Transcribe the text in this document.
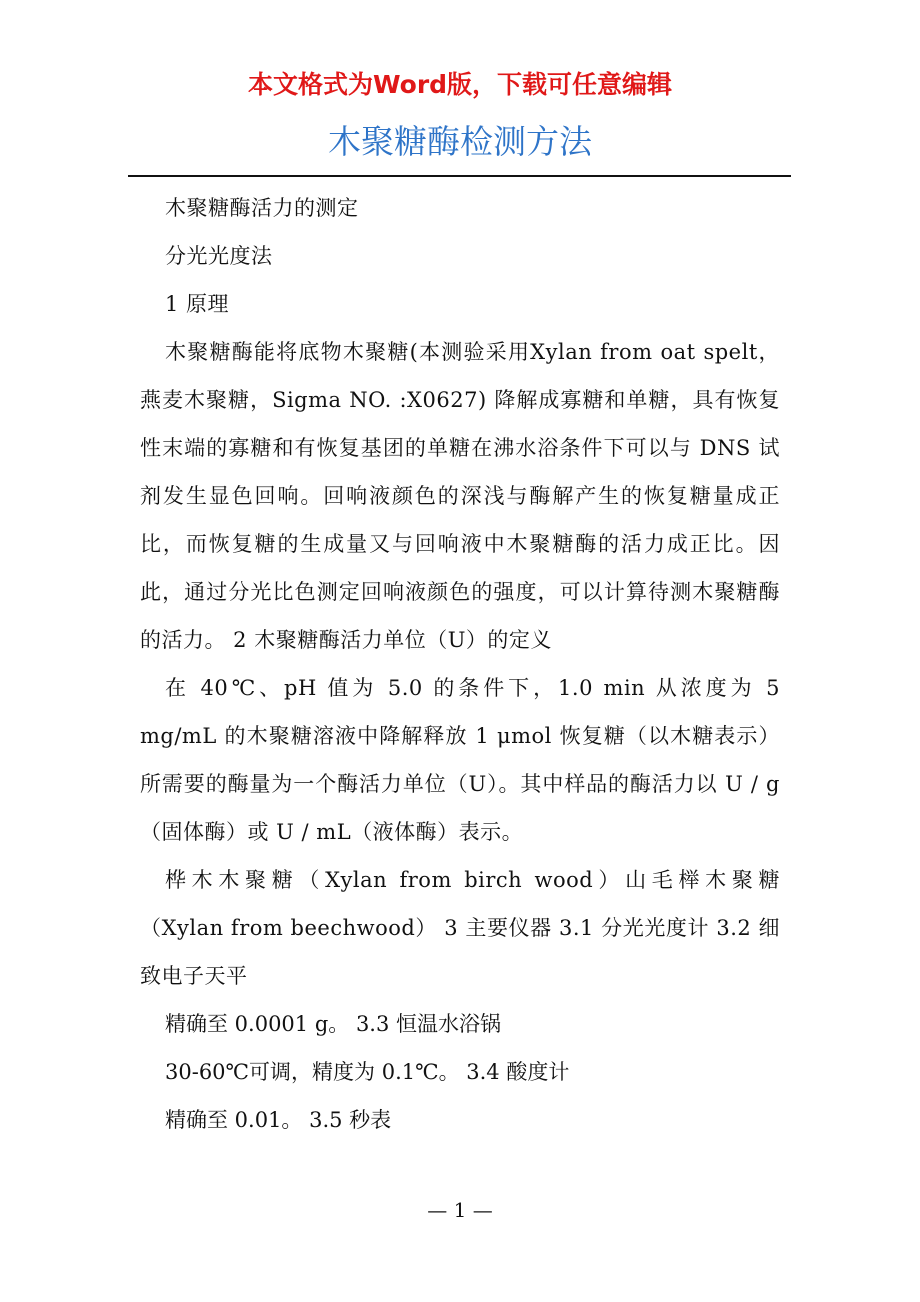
本文格式为Word版，下载可任意编辑
木聚糖酶检测方法

木聚糖酶活力的测定

分光光度法

1 原理

木聚糖酶能将底物木聚糖(本测验采用Xylan from oat spelt，燕麦木聚糖，Sigma NO. :X0627) 降解成寡糖和单糖，具有恢复性末端的寡糖和有恢复基团的单糖在沸水浴条件下可以与 DNS 试剂发生显色回响。回响液颜色的深浅与酶解产生的恢复糖量成正比，而恢复糖的生成量又与回响液中木聚糖酶的活力成正比。因此，通过分光比色测定回响液颜色的强度，可以计算待测木聚糖酶的活力。 2 木聚糖酶活力单位（U）的定义

在 40℃、pH 值为 5.0 的条件下，1.0 min 从浓度为 5 mg/mL 的木聚糖溶液中降解释放 1 μmol 恢复糖（以木糖表示）所需要的酶量为一个酶活力单位（U）。其中样品的酶活力以 U / g（固体酶）或 U / mL（液体酶）表示。

桦木木聚糖（Xylan from birch wood）山毛榉木聚糖（Xylan from beechwood） 3 主要仪器 3.1 分光光度计 3.2 细致电子天平

精确至 0.0001 g。 3.3 恒温水浴锅

30-60℃可调，精度为 0.1℃。 3.4 酸度计

精确至 0.01。 3.5 秒表

— 1 —
